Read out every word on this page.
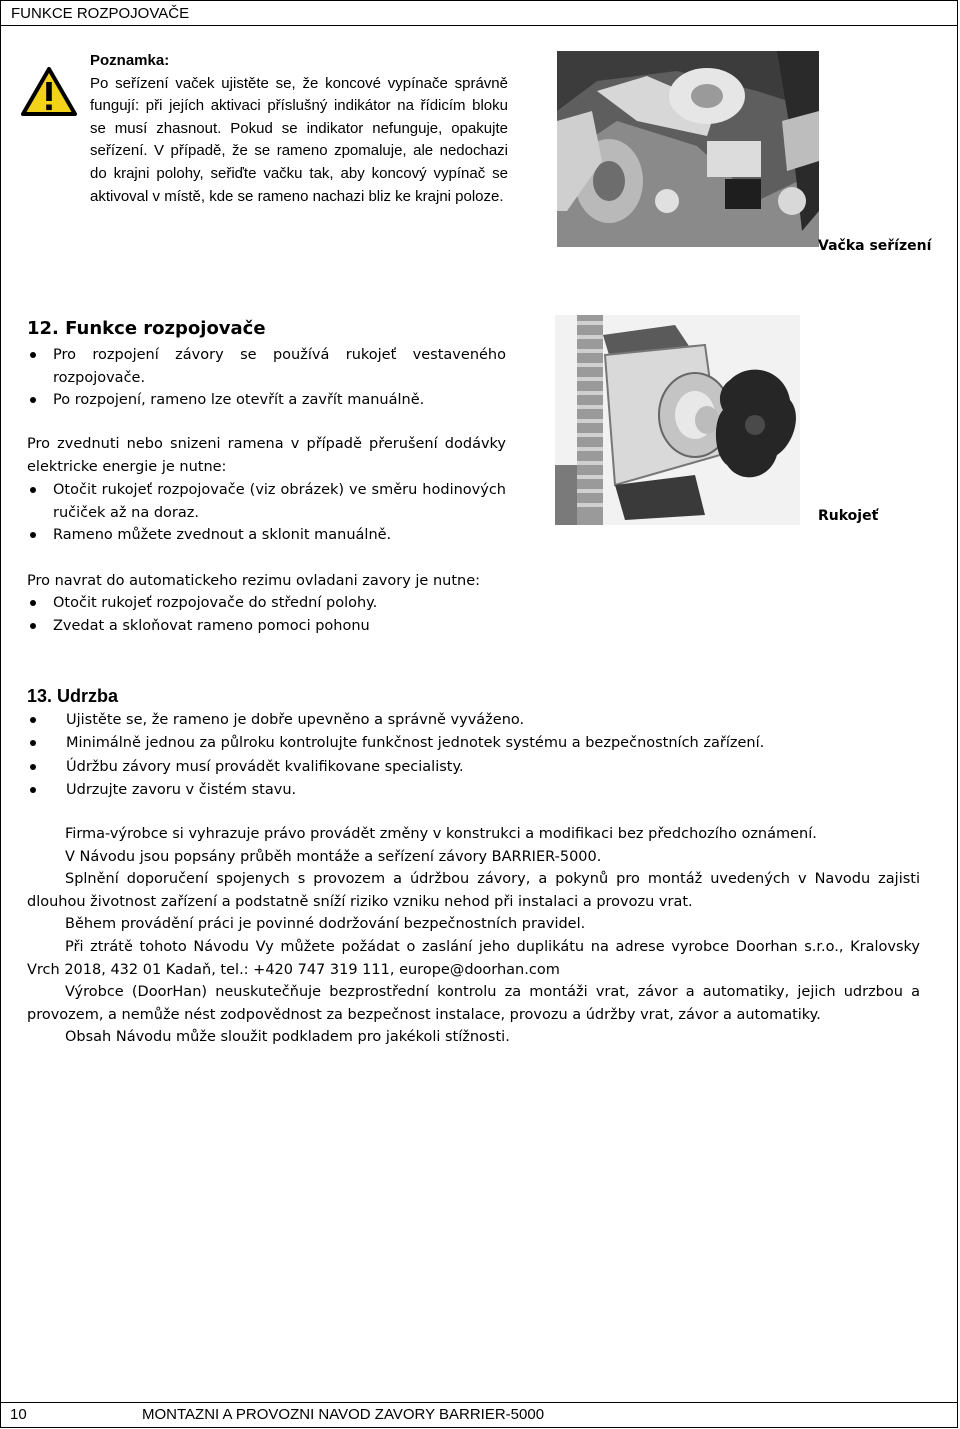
FUNKCE ROZPOJOVAČE

Poznamka:

Po seřízení vaček ujistěte se, že koncové vypínače správně fungují: při jejích aktivaci příslušný indikátor na řídicím bloku se musí zhasnout. Pokud se indikator nefunguje, opakujte seřízení. V případě, že se rameno zpomaluje, ale nedochazi do krajni polohy, seřiďte vačku tak, aby koncový vypínač se aktivoval v místě, kde se rameno nachazi bliz ke krajni poloze.

Vačka seřízení
12. Funkce rozpojovače
Pro rozpojení závory se používá rukojeť vestaveného rozpojovače.
Po rozpojení, rameno lze otevřít a zavřít manuálně.
Pro zvednuti nebo snizeni ramena v případě přerušení dodávky elektricke energie je nutne:
Otočit rukojeť rozpojovače (viz obrázek) ve směru hodinových ručiček až na doraz.
Rameno můžete zvednout a sklonit manuálně.
Rukojeť
Pro navrat do automatickeho rezimu ovladani zavory je nutne:
Otočit rukojeť rozpojovače do střední polohy.
Zvedat a skloňovat rameno pomoci pohonu
13. Udrzba
Ujistěte se, že rameno je dobře upevněno a správně vyváženo.
Minimálně jednou za půlroku kontrolujte funkčnost jednotek systému a bezpečnostních zařízení.
Údržbu závory musí provádět kvalifikovane specialisty.
Udrzujte zavoru v čistém stavu.

Firma-výrobce si vyhrazuje právo provádět změny v konstrukci a modifikaci bez předchozího oznámení.

V Návodu jsou popsány průběh montáže a seřízení závory BARRIER-5000.

Splnění doporučení spojenych s provozem a údržbou závory, a pokynů pro montáž uvedených v Navodu zajisti dlouhou životnost zařízení a podstatně sníží riziko vzniku nehod při instalaci a provozu vrat.

Během provádění práci je povinné dodržování bezpečnostních pravidel.

Při ztrátě tohoto Návodu Vy můžete požádat o zaslání jeho duplikátu na adrese vyrobce Doorhan s.r.o., Kralovsky Vrch 2018, 432 01 Kadaň, tel.: +420 747 319 111, europe@doorhan.com

Výrobce (DoorHan) neuskutečňuje bezprostřední kontrolu za montáži vrat, závor a automatiky, jejich udrzbou a provozem, a nemůže nést zodpovědnost za bezpečnost instalace, provozu a údržby vrat, závor a automatiky.

Obsah Návodu může sloužit podkladem pro jakékoli stížnosti.

10	MONTAZNI A PROVOZNI NAVOD ZAVORY BARRIER-5000
